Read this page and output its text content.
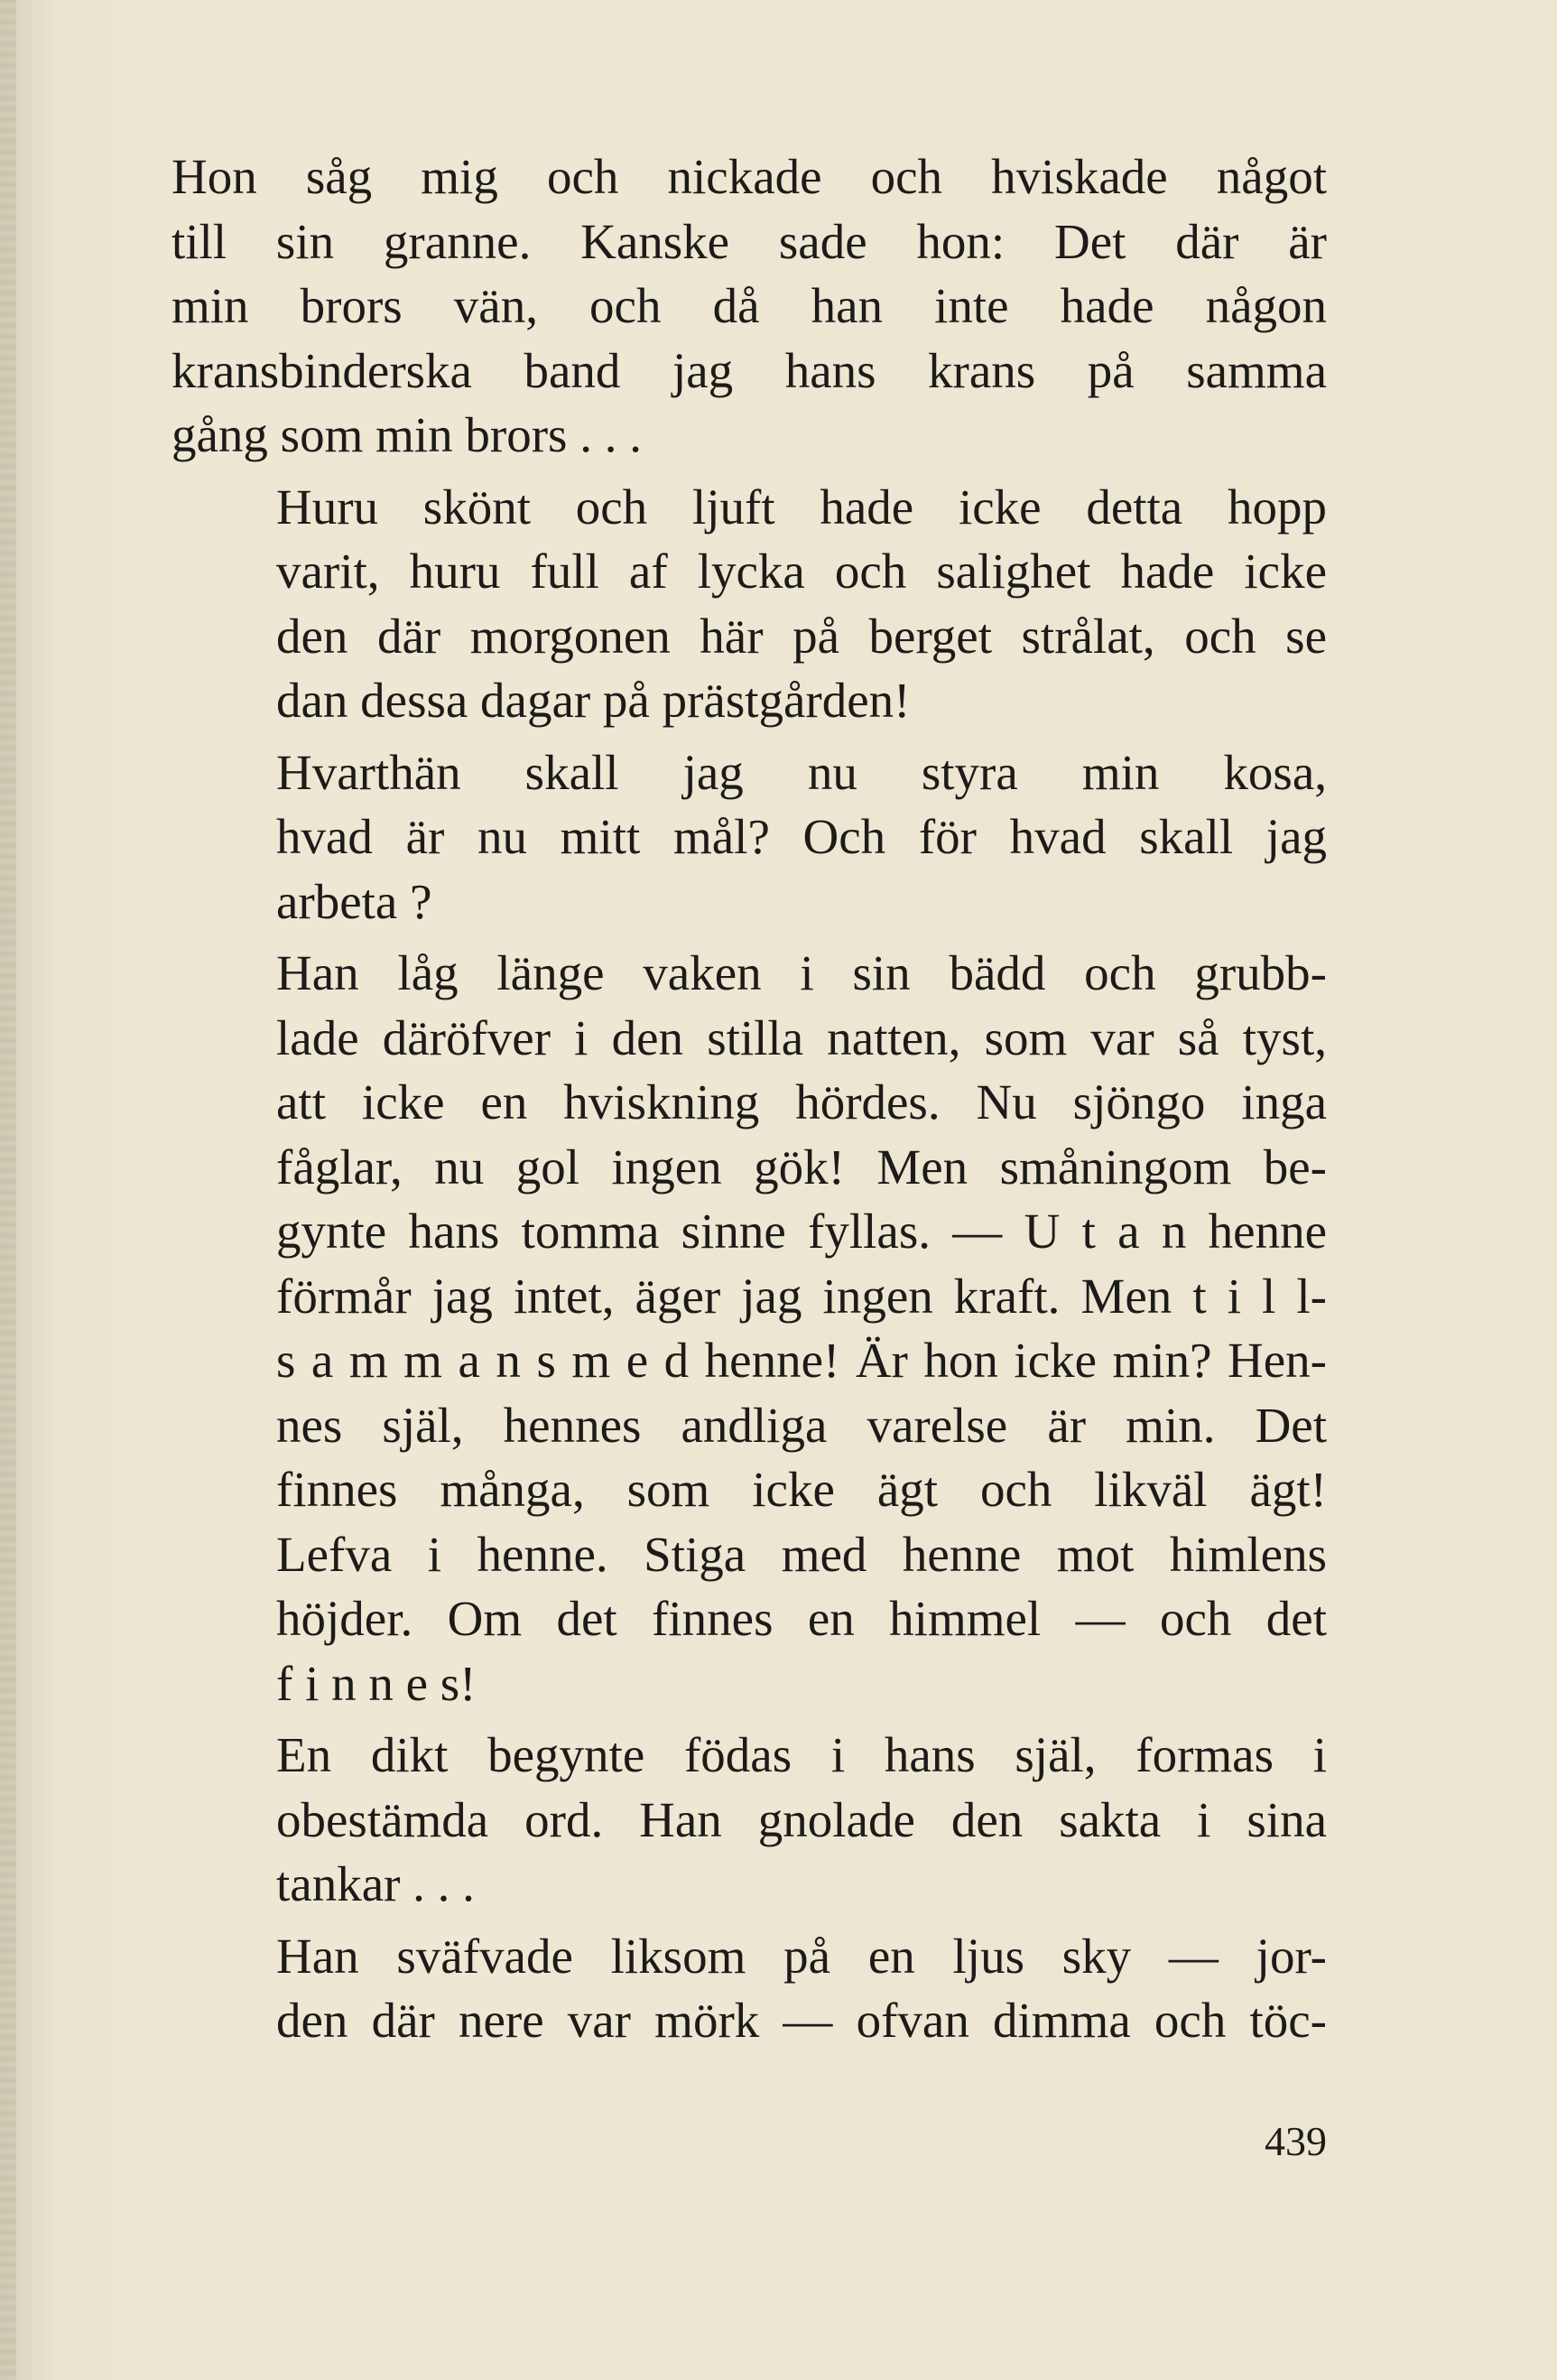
Hon såg mig och nickade och hviskade något
till sin granne. Kanske sade hon: Det där är
min brors vän, och då han inte hade någon
kransbinderska band jag hans krans på samma
gång som min brors . . .

Huru skönt och ljuft hade icke detta hopp
varit, huru full af lycka och salighet hade icke
den där morgonen här på berget strålat, och se
dan dessa dagar på prästgården!

Hvarthän skall jag nu styra min kosa,
hvad är nu mitt mål? Och för hvad skall jag
arbeta ?

Han låg länge vaken i sin bädd och grubb-
lade däröfver i den stilla natten, som var så tyst,
att icke en hviskning hördes. Nu sjöngo inga
fåglar, nu gol ingen gök! Men småningom be-
gynte hans tomma sinne fyllas. — U t a n henne
förmår jag intet, äger jag ingen kraft. Men t i l l-
s a m m a n s m e d henne! Är hon icke min? Hen-
nes själ, hennes andliga varelse är min. Det
finnes många, som icke ägt och likväl ägt!
Lefva i henne. Stiga med henne mot himlens
höjder. Om det finnes en himmel — och det
f i n n e s!

En dikt begynte födas i hans själ, formas i
obestämda ord. Han gnolade den sakta i sina
tankar . . .

Han sväfvade liksom på en ljus sky — jor-
den där nere var mörk — ofvan dimma och töc-

439
